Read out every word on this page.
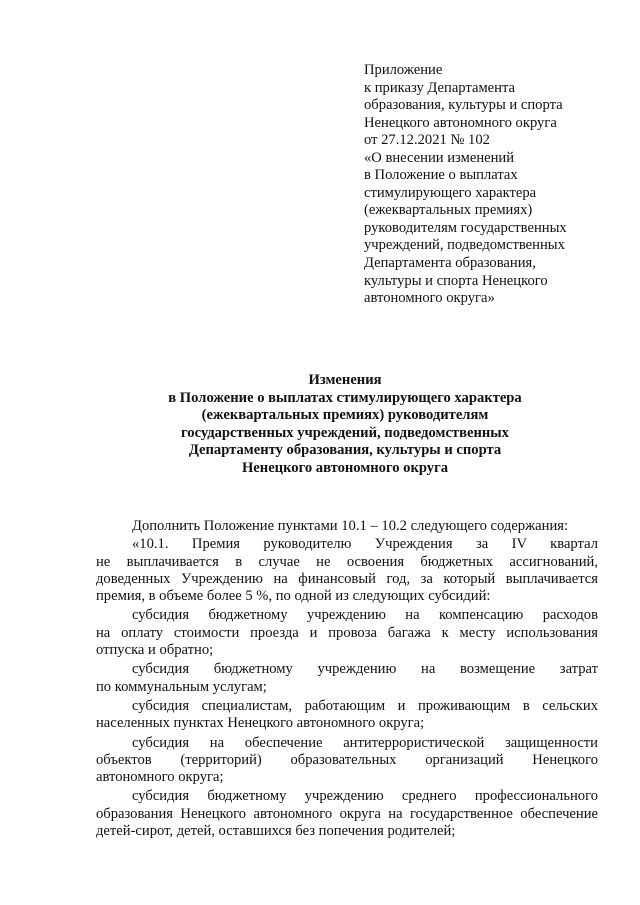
Приложение
к приказу Департамента
образования, культуры и спорта
Ненецкого автономного округа
от 27.12.2021 № 102
«О внесении изменений
в Положение о выплатах
стимулирующего характера
(ежеквартальных премиях)
руководителям государственных
учреждений, подведомственных
Департамента образования,
культуры и спорта Ненецкого
автономного округа»
Изменения
в Положение о выплатах стимулирующего характера
(ежеквартальных премиях) руководителям
государственных учреждений, подведомственных
Департаменту образования, культуры и спорта
Ненецкого автономного округа
Дополнить Положение пунктами 10.1 – 10.2 следующего содержания:
«10.1. Премия руководителю Учреждения за IV квартал
не выплачивается в случае не освоения бюджетных ассигнований,
доведенных Учреждению на финансовый год, за который выплачивается
премия, в объеме более 5 %, по одной из следующих субсидий:
субсидия бюджетному учреждению на компенсацию расходов
на оплату стоимости проезда и провоза багажа к месту использования
отпуска и обратно;
субсидия бюджетному учреждению на возмещение затрат
по коммунальным услугам;
субсидия специалистам, работающим и проживающим в сельских
населенных пунктах Ненецкого автономного округа;
субсидия на обеспечение антитеррористической защищенности
объектов (территорий) образовательных организаций Ненецкого
автономного округа;
субсидия бюджетному учреждению среднего профессионального
образования Ненецкого автономного округа на государственное обеспечение
детей-сирот, детей, оставшихся без попечения родителей;
